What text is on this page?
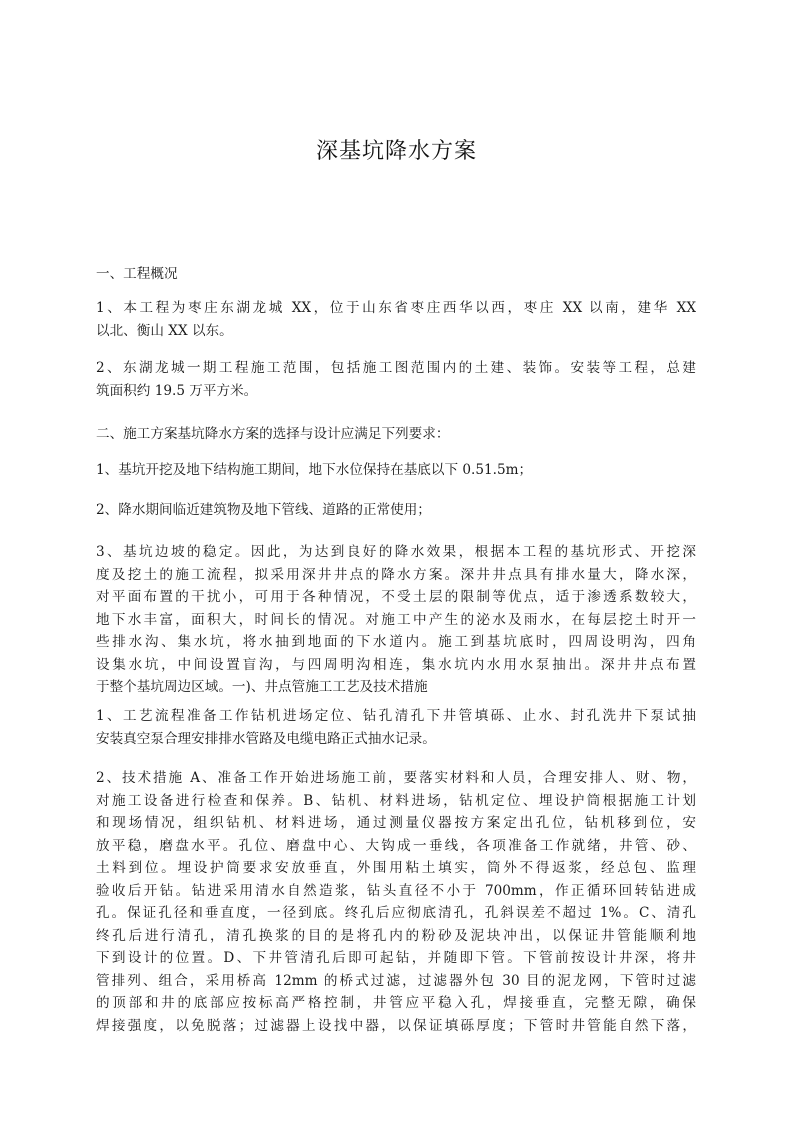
深基坑降水方案
一、工程概况
1、本工程为枣庄东湖龙城 XX，位于山东省枣庄西华以西，枣庄 XX 以南，建华 XX
以北、衡山 XX 以东。
2、东湖龙城一期工程施工范围，包括施工图范围内的土建、装饰。安装等工程，总建
筑面积约 19.5 万平方米。
二、施工方案基坑降水方案的选择与设计应满足下列要求：
1、基坑开挖及地下结构施工期间，地下水位保持在基底以下 0.51.5m；
2、降水期间临近建筑物及地下管线、道路的正常使用；
3、基坑边坡的稳定。因此，为达到良好的降水效果，根据本工程的基坑形式、开挖深
度及挖土的施工流程，拟采用深井井点的降水方案。深井井点具有排水量大，降水深，
对平面布置的干扰小，可用于各种情况，不受土层的限制等优点，适于渗透系数较大，
地下水丰富，面积大，时间长的情况。对施工中产生的泌水及雨水，在每层挖土时开一
些排水沟、集水坑，将水抽到地面的下水道内。施工到基坑底时，四周设明沟，四角
设集水坑，中间设置盲沟，与四周明沟相连，集水坑内水用水泵抽出。深井井点布置
于整个基坑周边区域。一)、井点管施工工艺及技术措施
1、工艺流程准备工作钻机进场定位、钻孔清孔下井管填砾、止水、封孔洗井下泵试抽
安装真空泵合理安排排水管路及电缆电路正式抽水记录。
2、技术措施 A、准备工作开始进场施工前，要落实材料和人员，合理安排人、财、物，
对施工设备进行检查和保养。B、钻机、材料进场，钻机定位、埋设护筒根据施工计划
和现场情况，组织钻机、材料进场，通过测量仪器按方案定出孔位，钻机移到位，安
放平稳，磨盘水平。孔位、磨盘中心、大钩成一垂线，各项准备工作就绪，井管、砂、
土料到位。埋设护筒要求安放垂直，外围用粘土填实，筒外不得返浆，经总包、监理
验收后开钻。钻进采用清水自然造浆，钻头直径不小于 700mm，作正循环回转钻进成
孔。保证孔径和垂直度，一径到底。终孔后应彻底清孔，孔斜误差不超过 1%。C、清孔
终孔后进行清孔，清孔换浆的目的是将孔内的粉砂及泥块冲出，以保证井管能顺利地
下到设计的位置。D、下井管清孔后即可起钻，并随即下管。下管前按设计井深，将井
管排列、组合，采用桥高 12mm 的桥式过滤，过滤器外包 30 目的泥龙网，下管时过滤
的顶部和井的底部应按标高严格控制，井管应平稳入孔，焊接垂直，完整无隙，确保
焊接强度，以免脱落；过滤器上设找中器，以保证填砾厚度；下管时井管能自然下落，
